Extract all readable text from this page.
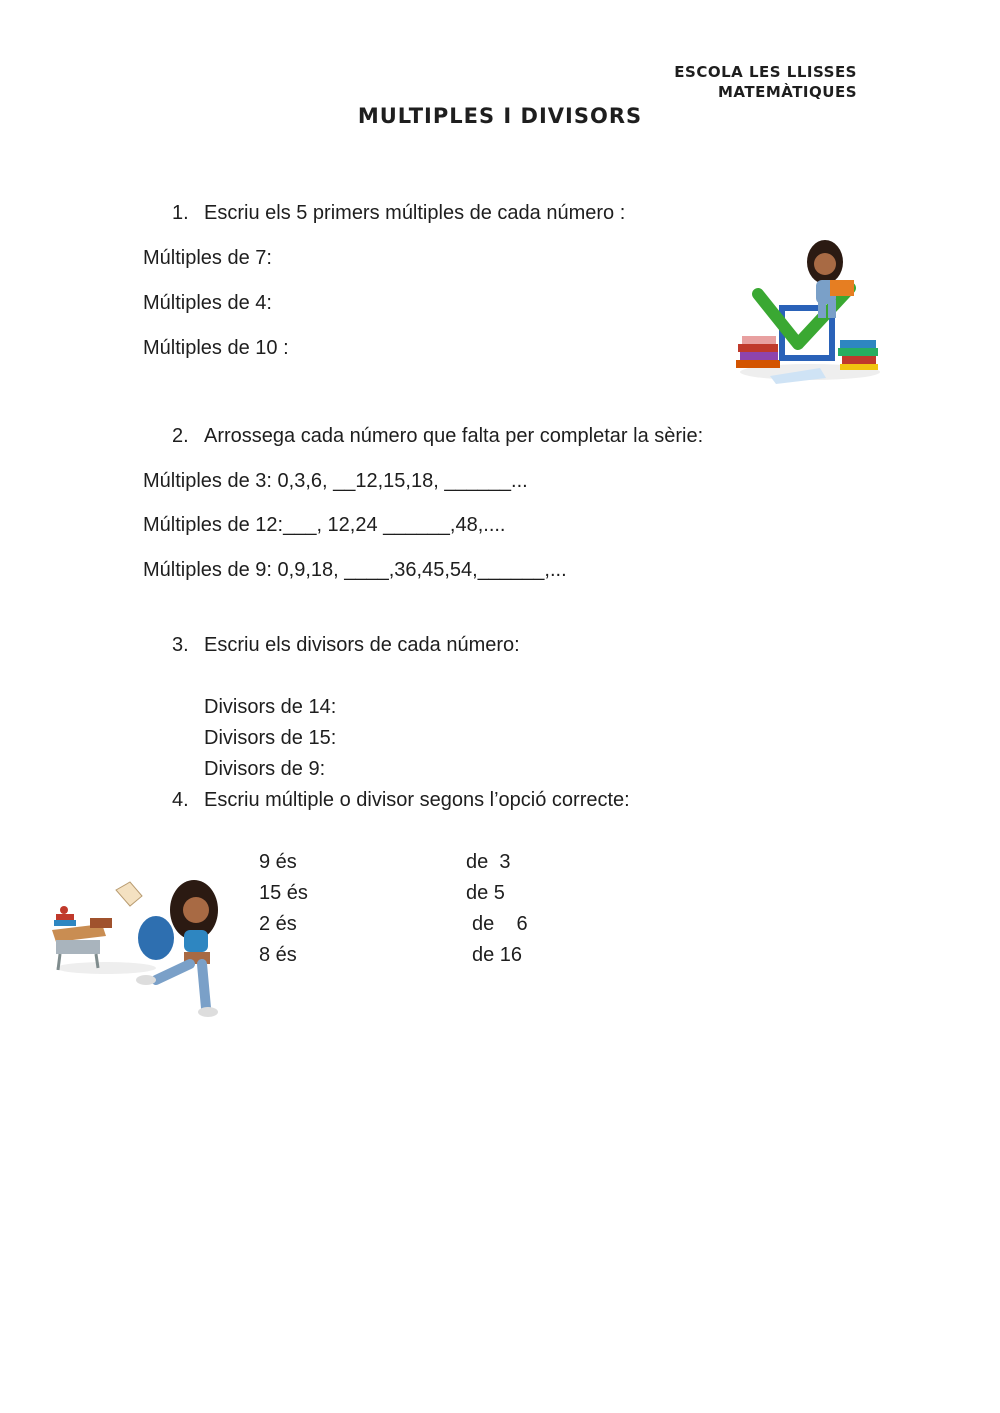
ESCOLA LES LLISSES
MATEMÀTIQUES
MULTIPLES I DIVISORS
1. Escriu els 5 primers múltiples de cada número :
Múltiples de 7:
Múltiples de 4:
Múltiples de 10 :
2. Arrossega cada número que falta per completar la sèrie:
Múltiples de 3: 0,3,6, __12,15,18, ______...
Múltiples de 12:___, 12,24 ______,48,....
Múltiples de 9: 0,9,18, ____,36,45,54,______,...
3. Escriu els divisors de cada número:
Divisors de 14:
Divisors de 15:
Divisors de 9:
4. Escriu múltiple o divisor segons l’opció correcte:
9 és	de  3
15 és	de 5
2 és	de    6
8 és	de 16
